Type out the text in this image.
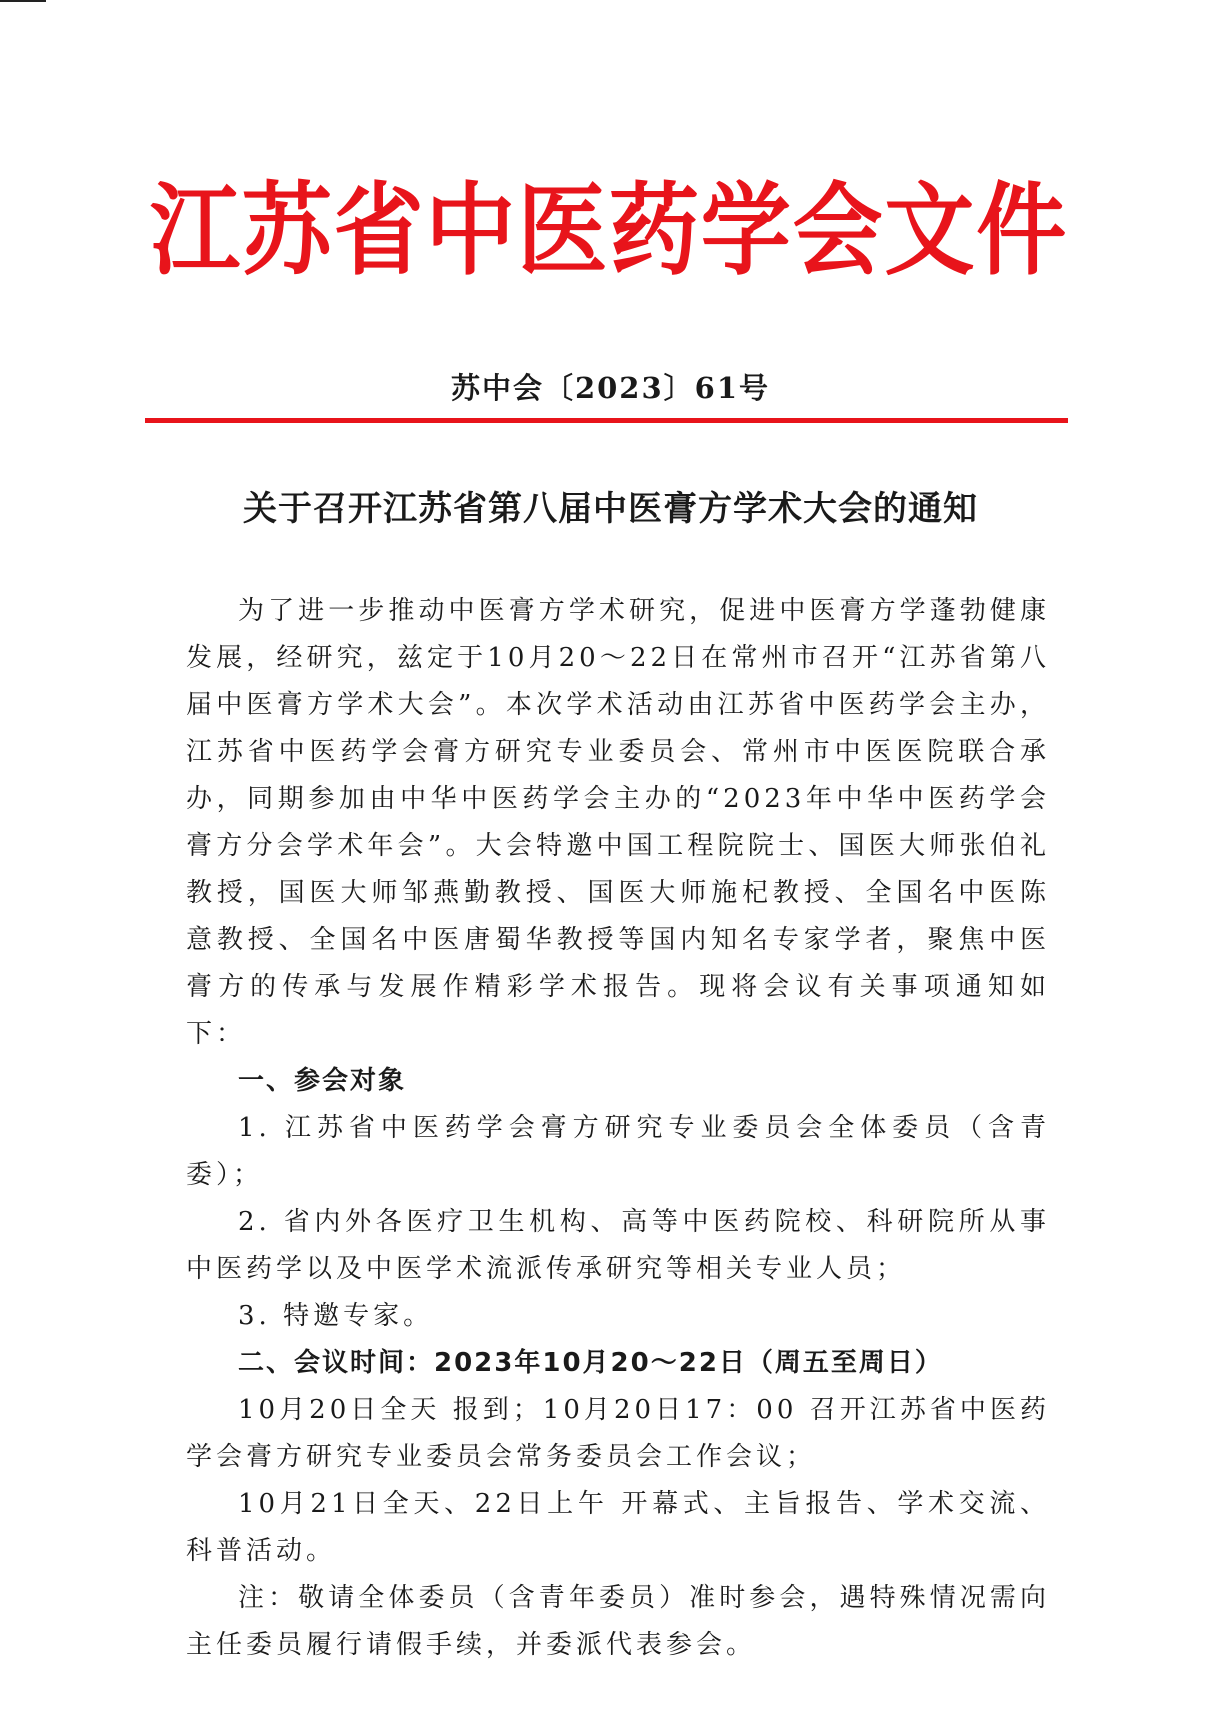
江苏省中医药学会文件
苏中会〔2023〕61号
关于召开江苏省第八届中医膏方学术大会的通知

为了进一步推动中医膏方学术研究，促进中医膏方学蓬勃健康发展，经研究，兹定于10月20～22日在常州市召开“江苏省第八届中医膏方学术大会”。本次学术活动由江苏省中医药学会主办，江苏省中医药学会膏方研究专业委员会、常州市中医医院联合承办，同期参加由中华中医药学会主办的“2023年中华中医药学会膏方分会学术年会”。大会特邀中国工程院院士、国医大师张伯礼教授，国医大师邹燕勤教授、国医大师施杞教授、全国名中医陈意教授、全国名中医唐蜀华教授等国内知名专家学者，聚焦中医膏方的传承与发展作精彩学术报告。现将会议有关事项通知如下：

一、参会对象

1. 江苏省中医药学会膏方研究专业委员会全体委员（含青委）；

2. 省内外各医疗卫生机构、高等中医药院校、科研院所从事中医药学以及中医学术流派传承研究等相关专业人员；

3. 特邀专家。

二、会议时间：2023年10月20～22日（周五至周日）

10月20日全天 报到；10月20日17：00 召开江苏省中医药学会膏方研究专业委员会常务委员会工作会议；

10月21日全天、22日上午 开幕式、主旨报告、学术交流、科普活动。

注：敬请全体委员（含青年委员）准时参会，遇特殊情况需向主任委员履行请假手续，并委派代表参会。
